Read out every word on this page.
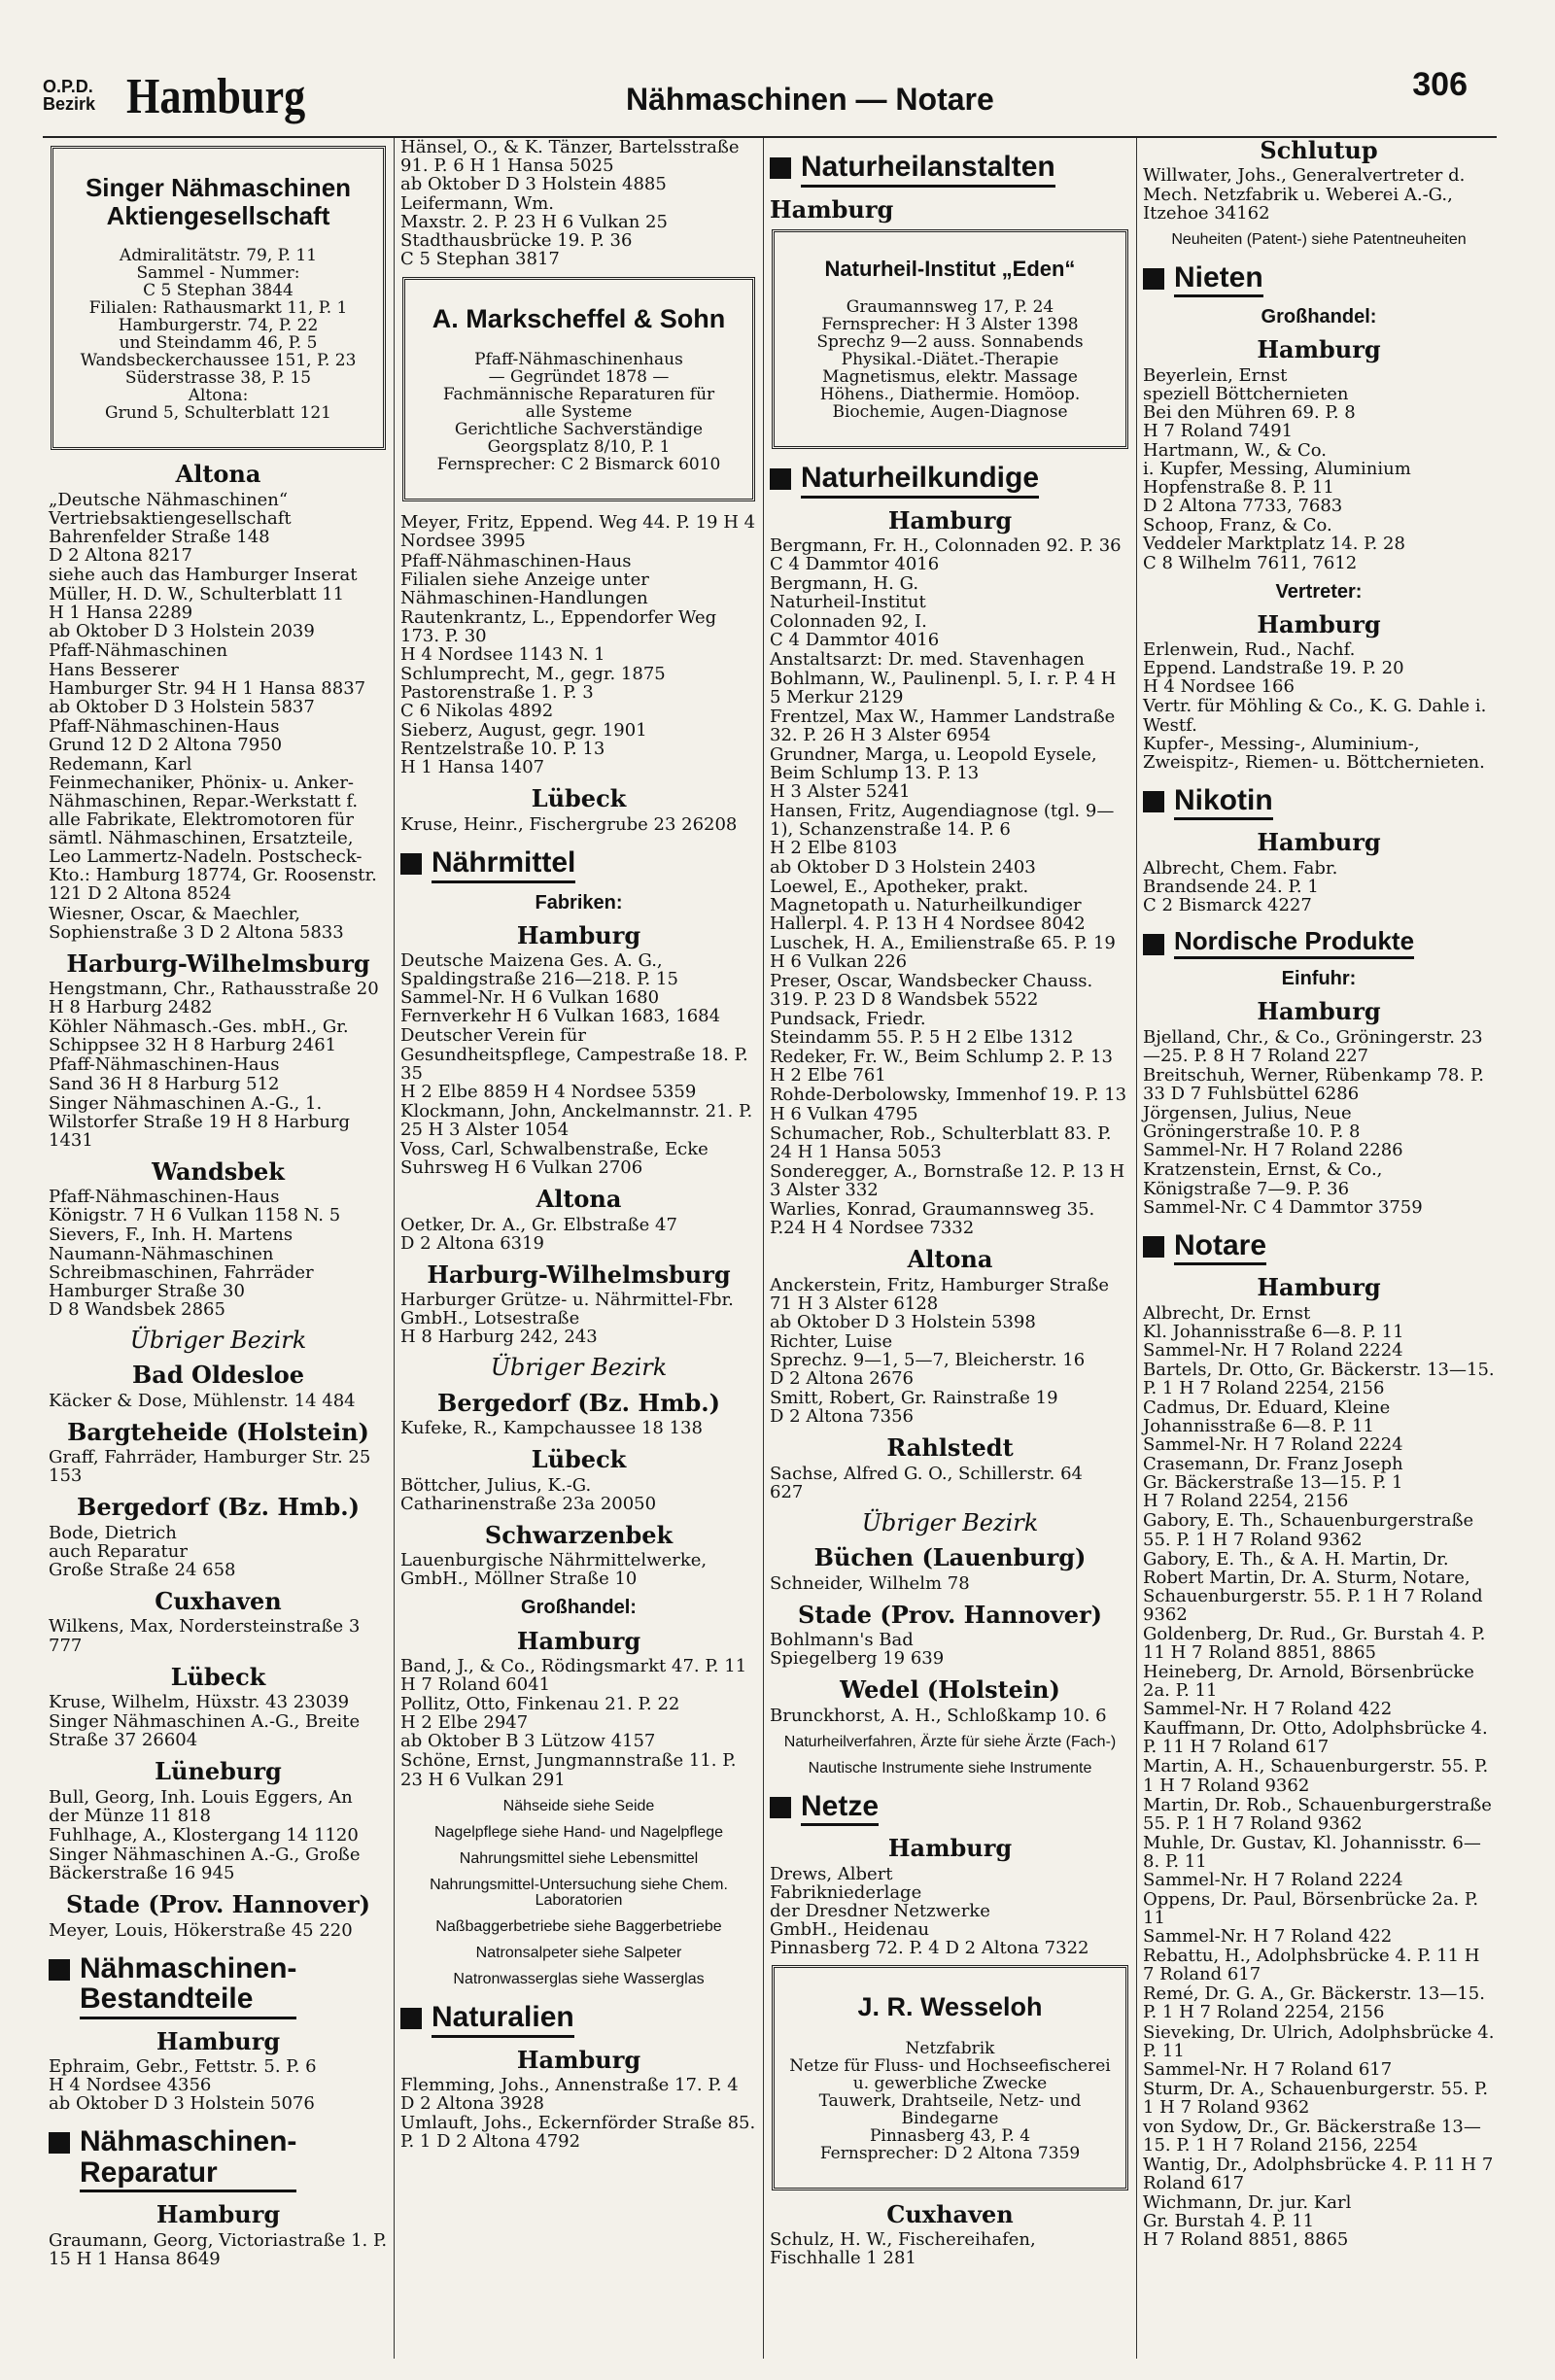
O.P.D.
Bezirk Hamburg	Nähmaschinen — Notare	306

Singer Nähmaschinen
Aktiengesellschaft

Admiralitätstr. 79, P. 11
Sammel - Nummer:
C 5 Stephan 3844
Filialen: Rathausmarkt 11, P. 1
Hamburgerstr. 74, P. 22
und Steindamm 46, P. 5
Wandsbeckerchaussee 151, P. 23
Süderstrasse 38, P. 15
Altona:
Grund 5, Schulterblatt 121

Altona
„Deutsche Nähmaschinen“ Vertriebsaktiengesellschaft
Bahrenfelder Straße 148
D 2 Altona 8217
siehe auch das Hamburger Inserat
Müller, H. D. W., Schulterblatt 11
H 1 Hansa 2289
ab Oktober D 3 Holstein 2039
Pfaff-Nähmaschinen
Hans Besserer
Hamburger Str. 94 H 1 Hansa 8837
ab Oktober D 3 Holstein 5837
Pfaff-Nähmaschinen-Haus
Grund 12 D 2 Altona 7950
Redemann, Karl
Feinmechaniker, Phönix- u. Anker-Nähmaschinen, Repar.-Werkstatt f. alle Fabrikate, Elektromotoren für sämtl. Nähmaschinen, Ersatzteile, Leo Lammertz-Nadeln. Postscheck-Kto.: Hamburg 18774, Gr. Roosenstr. 121 D 2 Altona 8524
Wiesner, Oscar, & Maechler, Sophienstraße 3 D 2 Altona 5833
Harburg-Wilhelmsburg
Hengstmann, Chr., Rathausstraße 20
H 8 Harburg 2482
Köhler Nähmasch.-Ges. mbH., Gr. Schippsee 32 H 8 Harburg 2461
Pfaff-Nähmaschinen-Haus
Sand 36 H 8 Harburg 512
Singer Nähmaschinen A.-G., 1. Wilstorfer Straße 19 H 8 Harburg 1431
Wandsbek
Pfaff-Nähmaschinen-Haus
Königstr. 7 H 6 Vulkan 1158 N. 5
Sievers, F., Inh. H. Martens
Naumann-Nähmaschinen
Schreibmaschinen, Fahrräder
Hamburger Straße 30
D 8 Wandsbek 2865
Übriger Bezirk
Bad Oldesloe
Käcker & Dose, Mühlenstr. 14 484
Bargteheide (Holstein)
Graff, Fahrräder, Hamburger Str. 25
153
Bergedorf (Bz. Hmb.)
Bode, Dietrich
auch Reparatur
Große Straße 24 658
Cuxhaven
Wilkens, Max, Nordersteinstraße 3
777
Lübeck
Kruse, Wilhelm, Hüxstr. 43 23039
Singer Nähmaschinen A.-G., Breite Straße 37 26604
Lüneburg
Bull, Georg, Inh. Louis Eggers, An der Münze 11 818
Fuhlhage, A., Klostergang 14 1120
Singer Nähmaschinen A.-G., Große Bäckerstraße 16 945
Stade (Prov. Hannover)
Meyer, Louis, Hökerstraße 45 220
Nähmaschinen-
Bestandteile
Hamburg
Ephraim, Gebr., Fettstr. 5. P. 6
H 4 Nordsee 4356
ab Oktober D 3 Holstein 5076
Nähmaschinen-
Reparatur
Hamburg
Graumann, Georg, Victoriastraße 1. P. 15 H 1 Hansa 8649
Hänsel, O., & K. Tänzer, Bartelsstraße 91. P. 6 H 1 Hansa 5025
ab Oktober D 3 Holstein 4885
Leifermann, Wm.
Maxstr. 2. P. 23 H 6 Vulkan 25
Stadthausbrücke 19. P. 36
C 5 Stephan 3817

A. Markscheffel & Sohn

Pfaff-Nähmaschinenhaus
— Gegründet 1878 —
Fachmännische Reparaturen für
alle Systeme
Gerichtliche Sachverständige
Georgsplatz 8/10, P. 1
Fernsprecher: C 2 Bismarck 6010

Meyer, Fritz, Eppend. Weg 44. P. 19 H 4 Nordsee 3995
Pfaff-Nähmaschinen-Haus
Filialen siehe Anzeige unter Nähmaschinen-Handlungen
Rautenkrantz, L., Eppendorfer Weg 173. P. 30
H 4 Nordsee 1143 N. 1
Schlumprecht, M., gegr. 1875
Pastorenstraße 1. P. 3
C 6 Nikolas 4892
Sieberz, August, gegr. 1901
Rentzelstraße 10. P. 13
H 1 Hansa 1407
Lübeck
Kruse, Heinr., Fischergrube 23 26208
Nährmittel
Fabriken:
Hamburg
Deutsche Maizena Ges. A. G., Spaldingstraße 216—218. P. 15
Sammel-Nr. H 6 Vulkan 1680
Fernverkehr H 6 Vulkan 1683, 1684
Deutscher Verein für Gesundheitspflege, Campestraße 18. P. 35
H 2 Elbe 8859 H 4 Nordsee 5359
Klockmann, John, Anckelmannstr. 21. P. 25 H 3 Alster 1054
Voss, Carl, Schwalbenstraße, Ecke Suhrsweg H 6 Vulkan 2706
Altona
Oetker, Dr. A., Gr. Elbstraße 47
D 2 Altona 6319
Harburg-Wilhelmsburg
Harburger Grütze- u. Nährmittel-Fbr. GmbH., Lotsestraße
H 8 Harburg 242, 243
Übriger Bezirk
Bergedorf (Bz. Hmb.)
Kufeke, R., Kampchaussee 18 138
Lübeck
Böttcher, Julius, K.-G.
Catharinenstraße 23a 20050
Schwarzenbek
Lauenburgische Nährmittelwerke, GmbH., Möllner Straße 10
Großhandel:
Hamburg
Band, J., & Co., Rödingsmarkt 47. P. 11 H 7 Roland 6041
Pollitz, Otto, Finkenau 21. P. 22
H 2 Elbe 2947
ab Oktober B 3 Lützow 4157
Schöne, Ernst, Jungmannstraße 11. P. 23 H 6 Vulkan 291
Nähseide siehe Seide
Nagelpflege siehe Hand- und Nagelpflege
Nahrungsmittel siehe Lebensmittel
Nahrungsmittel-Untersuchung siehe Chem. Laboratorien
Naßbaggerbetriebe siehe Baggerbetriebe
Natronsalpeter siehe Salpeter
Natronwasserglas siehe Wasserglas
Naturalien
Hamburg
Flemming, Johs., Annenstraße 17. P. 4 D 2 Altona 3928
Umlauft, Johs., Eckernförder Straße 85. P. 1 D 2 Altona 4792
Naturheilanstalten
Hamburg

Naturheil-Institut „Eden“

Graumannsweg 17, P. 24
Fernsprecher: H 3 Alster 1398
Sprechz 9—2 auss. Sonnabends
Physikal.-Diätet.-Therapie
Magnetismus, elektr. Massage
Höhens., Diathermie. Homöop.
Biochemie, Augen-Diagnose

Naturheilkundige
Hamburg
Bergmann, Fr. H., Colonnaden 92. P. 36 C 4 Dammtor 4016
Bergmann, H. G.
Naturheil-Institut
Colonnaden 92, I.
C 4 Dammtor 4016
Anstaltsarzt: Dr. med. Stavenhagen
Bohlmann, W., Paulinenpl. 5, I. r. P. 4 H 5 Merkur 2129
Frentzel, Max W., Hammer Landstraße 32. P. 26 H 3 Alster 6954
Grundner, Marga, u. Leopold Eysele, Beim Schlump 13. P. 13
H 3 Alster 5241
Hansen, Fritz, Augendiagnose (tgl. 9—1), Schanzenstraße 14. P. 6
H 2 Elbe 8103
ab Oktober D 3 Holstein 2403
Loewel, E., Apotheker, prakt. Magnetopath u. Naturheilkundiger Hallerpl. 4. P. 13 H 4 Nordsee 8042
Luschek, H. A., Emilienstraße 65. P. 19 H 6 Vulkan 226
Preser, Oscar, Wandsbecker Chauss. 319. P. 23 D 8 Wandsbek 5522
Pundsack, Friedr.
Steindamm 55. P. 5 H 2 Elbe 1312
Redeker, Fr. W., Beim Schlump 2. P. 13 H 2 Elbe 761
Rohde-Derbolowsky, Immenhof 19. P. 13 H 6 Vulkan 4795
Schumacher, Rob., Schulterblatt 83. P. 24 H 1 Hansa 5053
Sonderegger, A., Bornstraße 12. P. 13 H 3 Alster 332
Warlies, Konrad, Graumannsweg 35. P.24 H 4 Nordsee 7332
Altona
Anckerstein, Fritz, Hamburger Straße 71 H 3 Alster 6128
ab Oktober D 3 Holstein 5398
Richter, Luise
Sprechz. 9—1, 5—7, Bleicherstr. 16
D 2 Altona 2676
Smitt, Robert, Gr. Rainstraße 19
D 2 Altona 7356
Rahlstedt
Sachse, Alfred G. O., Schillerstr. 64
627
Übriger Bezirk
Büchen (Lauenburg)
Schneider, Wilhelm 78
Stade (Prov. Hannover)
Bohlmann's Bad
Spiegelberg 19 639
Wedel (Holstein)
Brunckhorst, A. H., Schloßkamp 10. 6
Naturheilverfahren, Ärzte für siehe Ärzte (Fach-)
Nautische Instrumente siehe Instrumente
Netze
Hamburg
Drews, Albert
Fabrikniederlage
der Dresdner Netzwerke
GmbH., Heidenau
Pinnasberg 72. P. 4 D 2 Altona 7322

J. R. Wesseloh

Netzfabrik
Netze für Fluss- und Hochseefischerei u. gewerbliche Zwecke
Tauwerk, Drahtseile, Netz- und Bindegarne
Pinnasberg 43, P. 4
Fernsprecher: D 2 Altona 7359

Cuxhaven
Schulz, H. W., Fischereihafen, Fischhalle 1 281
Schlutup
Willwater, Johs., Generalvertreter d. Mech. Netzfabrik u. Weberei A.-G., Itzehoe 34162
Neuheiten (Patent-) siehe Patentneuheiten
Nieten
Großhandel:
Hamburg
Beyerlein, Ernst
speziell Böttchernieten
Bei den Mühren 69. P. 8
H 7 Roland 7491
Hartmann, W., & Co.
i. Kupfer, Messing, Aluminium
Hopfenstraße 8. P. 11
D 2 Altona 7733, 7683
Schoop, Franz, & Co.
Veddeler Marktplatz 14. P. 28
C 8 Wilhelm 7611, 7612
Vertreter:
Hamburg
Erlenwein, Rud., Nachf.
Eppend. Landstraße 19. P. 20
H 4 Nordsee 166
Vertr. für Möhling & Co., K. G. Dahle i. Westf.
Kupfer-, Messing-, Aluminium-, Zweispitz-, Riemen- u. Böttchernieten.
Nikotin
Hamburg
Albrecht, Chem. Fabr.
Brandsende 24. P. 1
C 2 Bismarck 4227
Nordische Produkte
Einfuhr:
Hamburg
Bjelland, Chr., & Co., Gröningerstr. 23—25. P. 8 H 7 Roland 227
Breitschuh, Werner, Rübenkamp 78. P. 33 D 7 Fuhlsbüttel 6286
Jörgensen, Julius, Neue Gröningerstraße 10. P. 8
Sammel-Nr. H 7 Roland 2286
Kratzenstein, Ernst, & Co., Königstraße 7—9. P. 36
Sammel-Nr. C 4 Dammtor 3759
Notare
Hamburg
Albrecht, Dr. Ernst
Kl. Johannisstraße 6—8. P. 11
Sammel-Nr. H 7 Roland 2224
Bartels, Dr. Otto, Gr. Bäckerstr. 13—15. P. 1 H 7 Roland 2254, 2156
Cadmus, Dr. Eduard, Kleine Johannisstraße 6—8. P. 11
Sammel-Nr. H 7 Roland 2224
Crasemann, Dr. Franz Joseph
Gr. Bäckerstraße 13—15. P. 1
H 7 Roland 2254, 2156
Gabory, E. Th., Schauenburgerstraße 55. P. 1 H 7 Roland 9362
Gabory, E. Th., & A. H. Martin, Dr. Robert Martin, Dr. A. Sturm, Notare, Schauenburgerstr. 55. P. 1 H 7 Roland 9362
Goldenberg, Dr. Rud., Gr. Burstah 4. P. 11 H 7 Roland 8851, 8865
Heineberg, Dr. Arnold, Börsenbrücke 2a. P. 11
Sammel-Nr. H 7 Roland 422
Kauffmann, Dr. Otto, Adolphsbrücke 4. P. 11 H 7 Roland 617
Martin, A. H., Schauenburgerstr. 55. P. 1 H 7 Roland 9362
Martin, Dr. Rob., Schauenburgerstraße 55. P. 1 H 7 Roland 9362
Muhle, Dr. Gustav, Kl. Johannisstr. 6—8. P. 11
Sammel-Nr. H 7 Roland 2224
Oppens, Dr. Paul, Börsenbrücke 2a. P. 11
Sammel-Nr. H 7 Roland 422
Rebattu, H., Adolphsbrücke 4. P. 11 H 7 Roland 617
Remé, Dr. G. A., Gr. Bäckerstr. 13—15. P. 1 H 7 Roland 2254, 2156
Sieveking, Dr. Ulrich, Adolphsbrücke 4. P. 11
Sammel-Nr. H 7 Roland 617
Sturm, Dr. A., Schauenburgerstr. 55. P. 1 H 7 Roland 9362
von Sydow, Dr., Gr. Bäckerstraße 13—15. P. 1 H 7 Roland 2156, 2254
Wantig, Dr., Adolphsbrücke 4. P. 11 H 7 Roland 617
Wichmann, Dr. jur. Karl
Gr. Burstah 4. P. 11
H 7 Roland 8851, 8865
